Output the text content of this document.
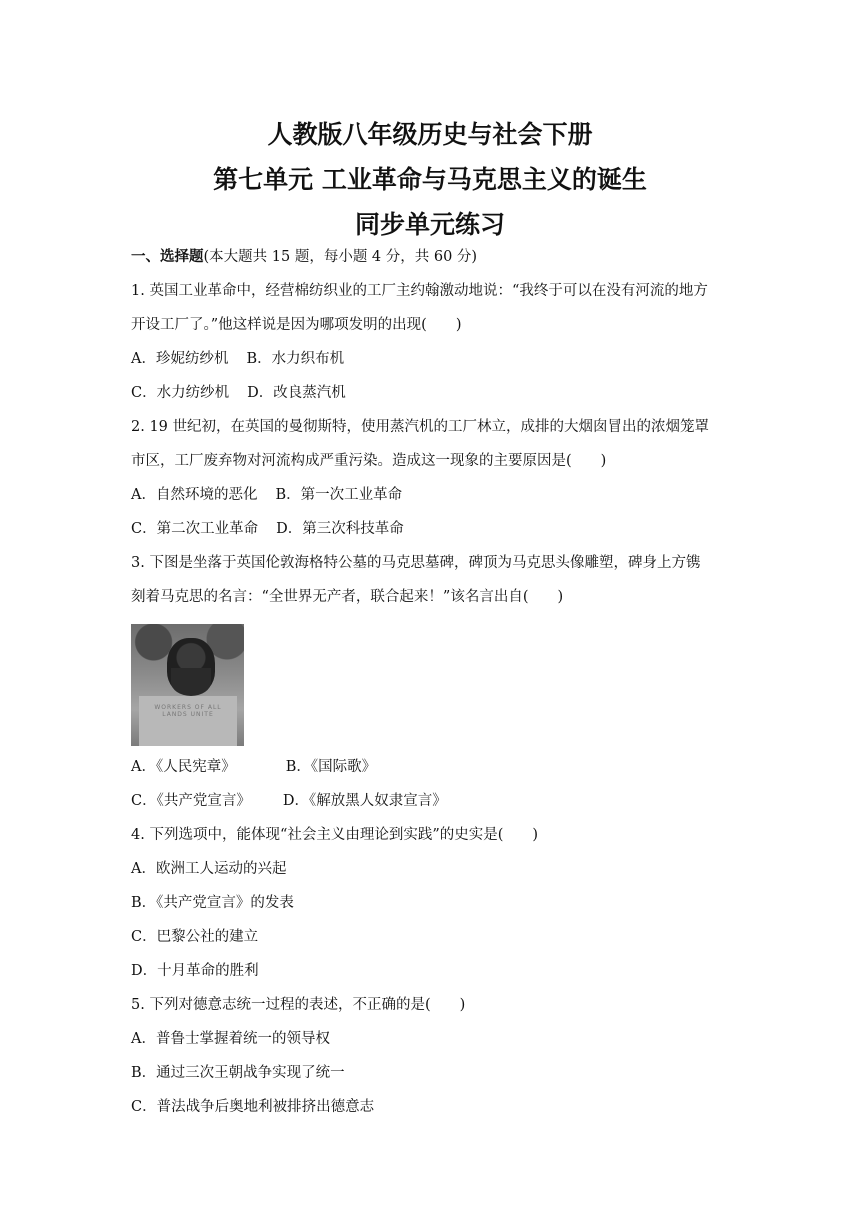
人教版八年级历史与社会下册
第七单元 工业革命与马克思主义的诞生
同步单元练习
一、选择题(本大题共 15 题，每小题 4 分，共 60 分)
1. 英国工业革命中，经营棉纺织业的工厂主约翰激动地说：“我终于可以在没有河流的地方
开设工厂了。”他这样说是因为哪项发明的出现(　　)
A．珍妮纺纱机 B．水力织布机
C．水力纺纱机 D．改良蒸汽机
2. 19 世纪初，在英国的曼彻斯特，使用蒸汽机的工厂林立，成排的大烟囱冒出的浓烟笼罩
市区，工厂废弃物对河流构成严重污染。造成这一现象的主要原因是(　　)
A．自然环境的恶化 B．第一次工业革命
C．第二次工业革命 D．第三次科技革命
3. 下图是坐落于英国伦敦海格特公墓的马克思墓碑，碑顶为马克思头像雕塑，碑身上方镌
刻着马克思的名言：“全世界无产者，联合起来！”该名言出自(　　)
WORKERS OF ALL LANDS UNITE
A．《人民宪章》	B．《国际歌》
C．《共产党宣言》 D．《解放黑人奴隶宣言》
4. 下列选项中，能体现“社会主义由理论到实践”的史实是(　　)
A．欧洲工人运动的兴起
B．《共产党宣言》的发表
C．巴黎公社的建立
D．十月革命的胜利
5. 下列对德意志统一过程的表述，不正确的是(　　)
A．普鲁士掌握着统一的领导权
B．通过三次王朝战争实现了统一
C．普法战争后奥地利被排挤出德意志
